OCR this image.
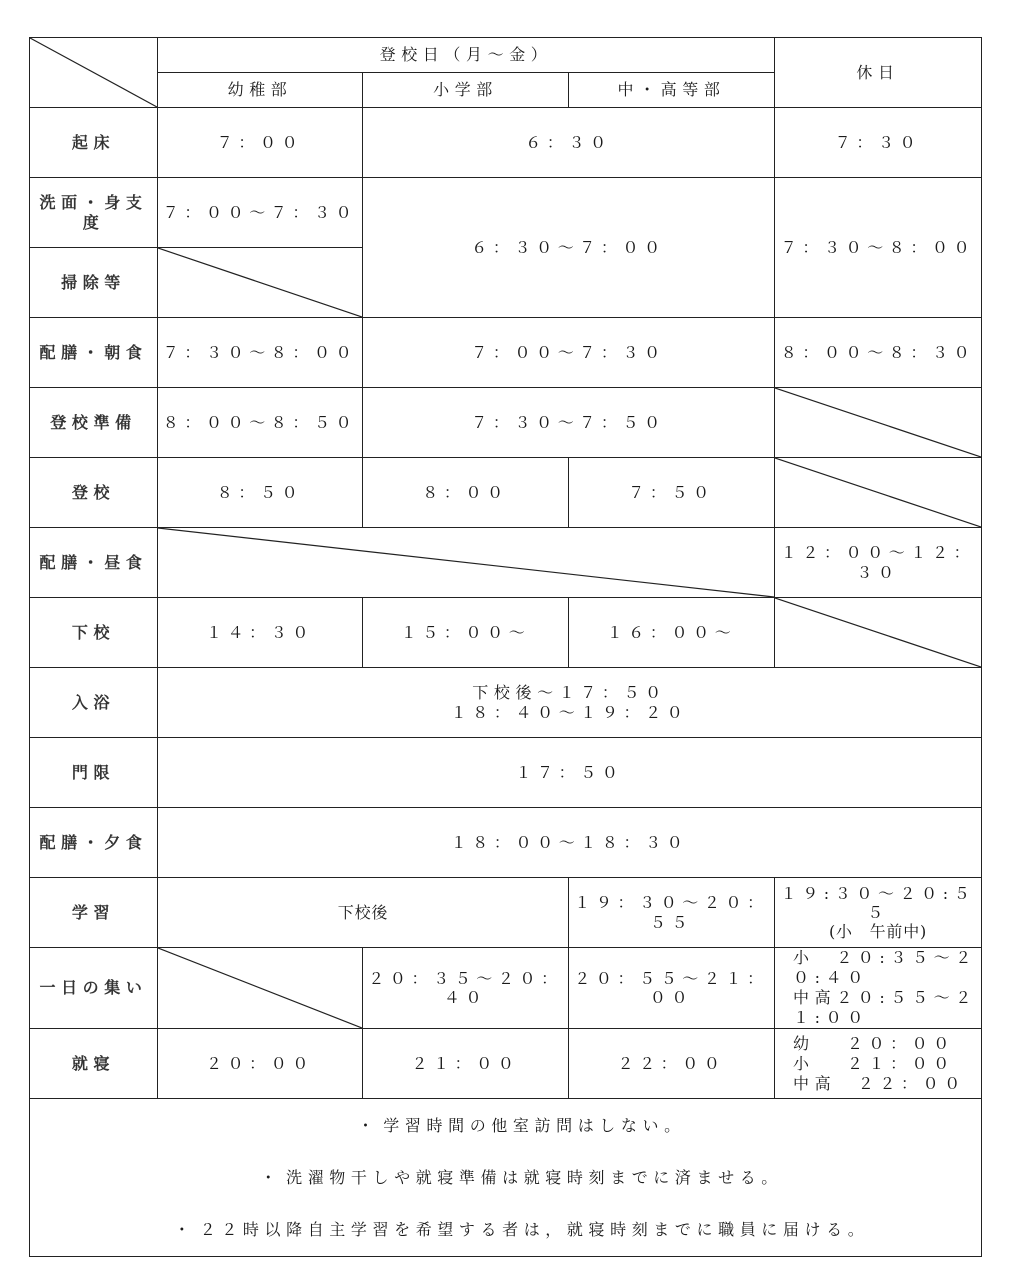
	登校日（月～金）			休日
	幼稚部	小学部	中・高等部	
起床	７：００	６：３０		７：３０
洗面・身支度	７：００～７：３０	６：３０～７：００		７：３０～８：００
掃除等	

配膳・朝食	７：３０～８：００	７：００～７：３０		８：００～８：３０
登校準備	８：００～８：５０	７：３０～７：５０	

登校	８：５０	８：００	７：５０	

配膳・昼食				１２：００～１２：３０
下校	１４：３０	１５：００～	１６：００～	

入浴	下校後～１７：５０
１８：４０～１９：２０			

門限	１７：５０			
配膳・夕食	１８：００～１８：３０			
学習	下校後		１９：３０～２０：５５	１９:３０～２０:５５
(小　午前中)

一日の集い		２０：３５～２０：４０	２０：５５～２１：００	小　２０:３５～２０:４０
中高２０:５５～２１:００

就寝	２０：００	２１：００	２２：００	幼　 ２０：００
小　 ２１：００
中高　２２：００

・ 学習時間の他室訪問はしない。
・ 洗濯物干しや就寝準備は就寝時刻までに済ませる。
・ ２２時以降自主学習を希望する者は，就寝時刻までに職員に届ける。				
